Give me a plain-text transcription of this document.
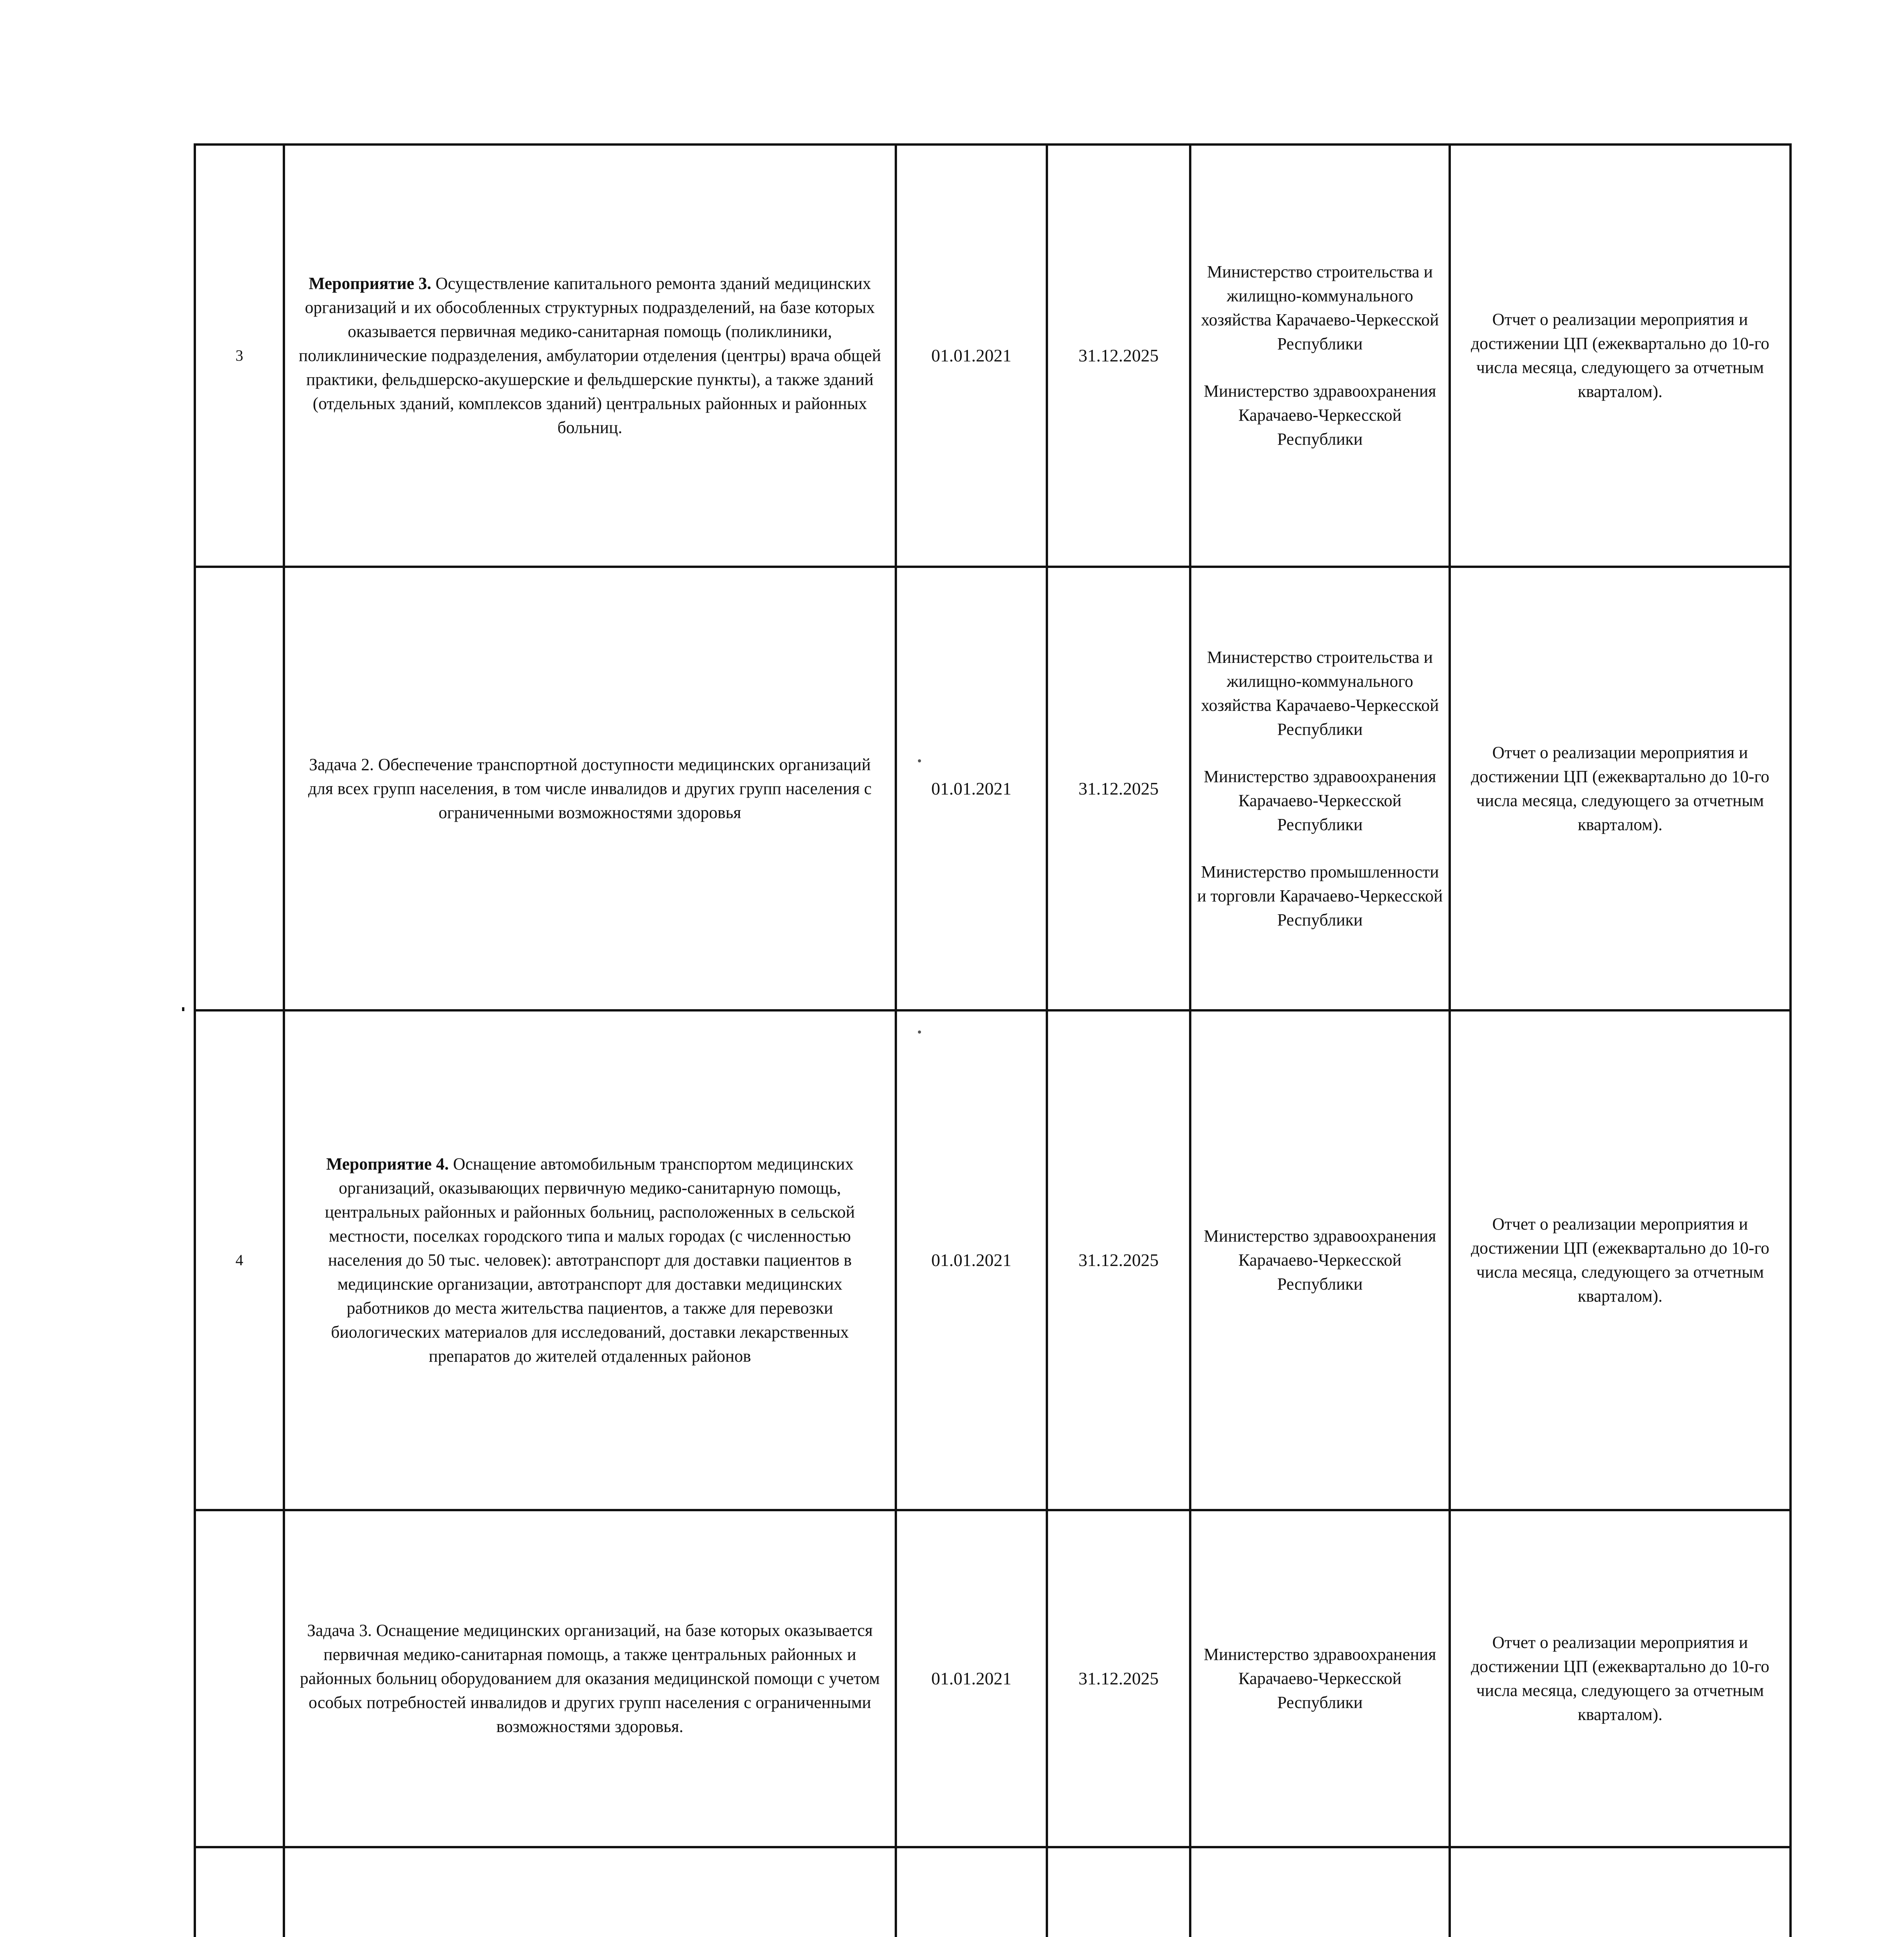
3	Мероприятие 3. Осуществление капитального ремонта зданий медицинских организаций и их обособленных структурных подразделений, на базе которых оказывается первичная медико-санитарная помощь (поликлиники, поликлинические подразделения, амбулатории отделения (центры) врача общей практики, фельдшерско-акушерские и фельдшерские пункты), а также зданий (отдельных зданий, комплексов зданий) центральных районных и районных больниц.	01.01.2021	31.12.2025	Министерство строительства и жилищно-коммунального хозяйства Карачаево-Черкесской Республики
Министерство здравоохранения Карачаево-Черкесской Республики	Отчет о реализации мероприятия и достижении ЦП (ежеквартально до 10-го числа месяца, следующего за отчетным кварталом).
	Задача 2. Обеспечение транспортной доступности медицинских организаций для всех групп населения, в том числе инвалидов и других групп населения с ограниченными возможностями здоровья	01.01.2021	31.12.2025	Министерство строительства и жилищно-коммунального хозяйства Карачаево-Черкесской Республики
Министерство здравоохранения Карачаево-Черкесской Республики
Министерство промышленности и торговли Карачаево-Черкесской Республики	Отчет о реализации мероприятия и достижении ЦП (ежеквартально до 10-го числа месяца, следующего за отчетным кварталом).
4	Мероприятие 4. Оснащение автомобильным транспортом медицинских организаций, оказывающих первичную медико-санитарную помощь, центральных районных и районных больниц, расположенных в сельской местности, поселках городского типа и малых городах (с численностью населения до 50 тыс. человек): автотранспорт для доставки пациентов в медицинские организации, автотранспорт для доставки медицинских работников до места жительства пациентов, а также для перевозки биологических материалов для исследований, доставки лекарственных препаратов до жителей отдаленных районов	01.01.2021	31.12.2025	Министерство здравоохранения Карачаево-Черкесской Республики	Отчет о реализации мероприятия и достижении ЦП (ежеквартально до 10-го числа месяца, следующего за отчетным кварталом).
	Задача 3. Оснащение медицинских организаций, на базе которых оказывается первичная медико-санитарная помощь, а также центральных районных и районных больниц оборудованием для оказания медицинской помощи с учетом особых потребностей инвалидов и других групп населения с ограниченными возможностями здоровья.	01.01.2021	31.12.2025	Министерство здравоохранения Карачаево-Черкесской Республики	Отчет о реализации мероприятия и достижении ЦП (ежеквартально до 10-го числа месяца, следующего за отчетным кварталом).
